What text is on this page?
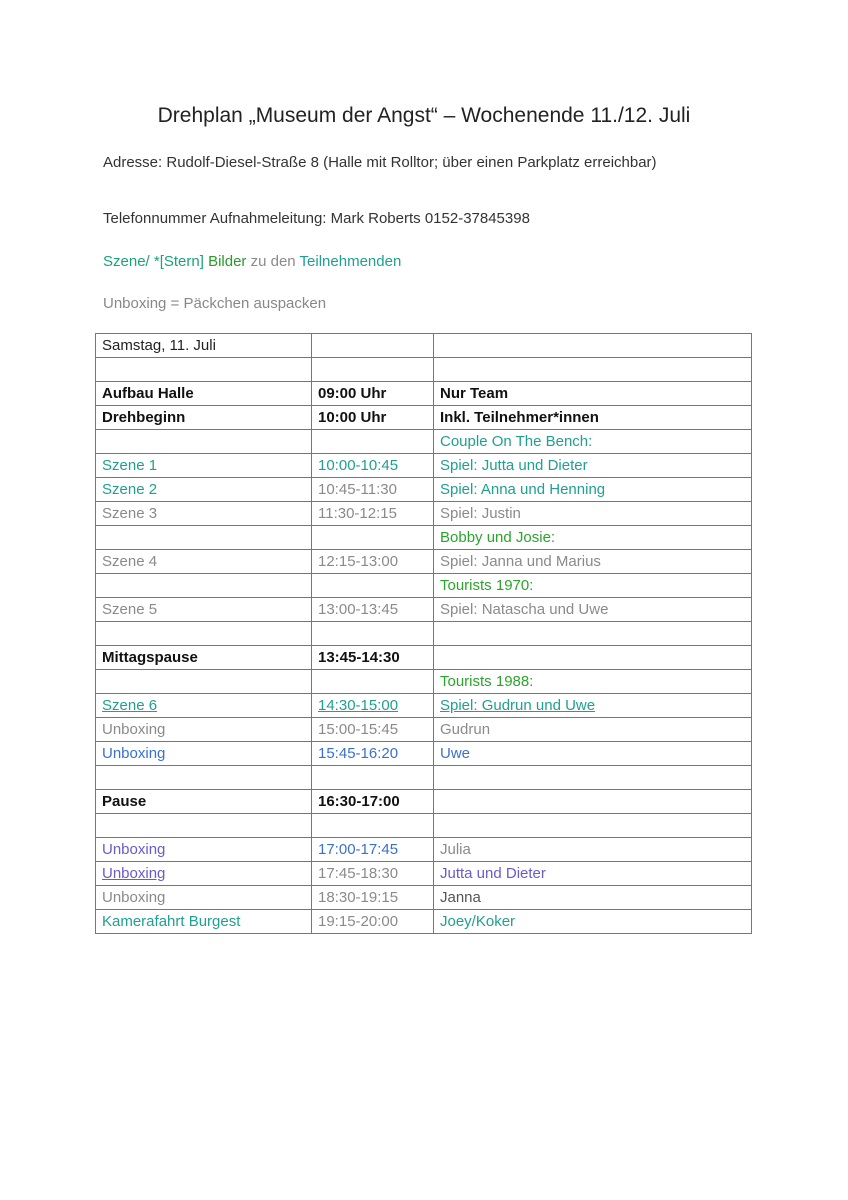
Drehplan „Museum der Angst“ – Wochenende 11./12. Juli
Adresse: Rudolf-Diesel-Straße 8 (Halle mit Rolltor; über einen Parkplatz erreichbar)
Telefonnummer Aufnahmeleitung: Mark Roberts 0152-37845398
Szene/ *[Stern] Bilder zu den Teilnehmenden
Unboxing = Päckchen auspacken
Samstag, 11. Juli		

Aufbau Halle	09:00 Uhr	Nur Team
Drehbeginn	10:00 Uhr	Inkl. Teilnehmer*innen
		Couple On The Bench:
Szene 1	10:00-10:45	Spiel: Jutta und Dieter
Szene 2	10:45-11:30	Spiel: Anna und Henning
Szene 3	11:30-12:15	Spiel: Justin
		Bobby und Josie:
Szene 4	12:15-13:00	Spiel: Janna und Marius
		Tourists 1970:
Szene 5	13:00-13:45	Spiel: Natascha und Uwe

Mittagspause	13:45-14:30	
		Tourists 1988:
Szene 6	14:30-15:00	Spiel: Gudrun und Uwe
Unboxing	15:00-15:45	Gudrun
Unboxing	15:45-16:20	Uwe

Pause	16:30-17:00	

Unboxing	17:00-17:45	Julia
Unboxing	17:45-18:30	Jutta und Dieter
Unboxing	18:30-19:15	Janna
Kamerafahrt Burgest	19:15-20:00	Joey/Koker
